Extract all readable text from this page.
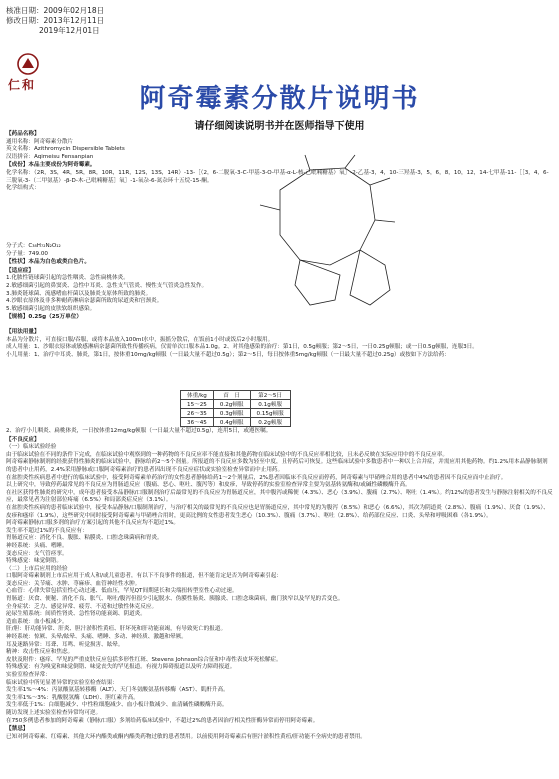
核准日期：2009年02月18日
修改日期：2013年12月11日
2019年12月01日
仁和	阿奇霉素分散片说明书
请仔细阅读说明书并在医师指导下使用
【药品名称】
通用名称：阿奇霉素分散片
英文名称：Azithromycin Dispersible Tablets
汉语拼音：Aqimeisu Fensanpian
【成份】本品主要成份为阿奇霉素。
化学名称：（2R，3S，4R，5R，8R，10R，11R，12S，13S，14R）-13-［（2，6-二脱氧-3-C-甲基-3-O-甲基-α-L-核-己吡喃糖基）氧］-2-乙基-3，4，10-三羟基-3，5，6，8，10，12，14-七甲基-11-［［3，4，6-三脱氧-3-（二甲氨基）-β-D-木-己吡喃糖基］氧］-1-氧杂-6-氮杂环十五烷-15-酮。
化学结构式：
分子式：C₃₈H₇₂N₂O₁₂
分子量：749.00
【性状】本品为白色或类白色片。
【适应症】
1.化脓性链球菌引起的急性咽炎、急性扁桃体炎。
2.敏感细菌引起的鼻窦炎、急性中耳炎、急性支气管炎、慢性支气管炎急性发作。
3.肺炎链球菌、流感嗜血杆菌以及肺炎支原体所致的肺炎。
4.沙眼衣原体及非多种耐药淋病奈瑟菌所致的尿道炎和宫颈炎。
5.敏感细菌引起的皮肤软组织感染。
【规格】0.25g（25万单位）
【用法用量】
本品为分散片，可直接口服/吞服，或将本品放入100ml水中，振摇分散后，在饭前1小时或饭后2小时服用。
成人用量：1、沙眼衣原体或敏感淋病奈瑟菌所致性传播疾病，仅需单次口服本品1.0g。2、对其他感染的治疗：第1日，0.5g顿服；第2～5日，一日0.25g顿服；或一日0.5g顿服，连服3日。
小儿用量：1、治疗中耳炎、肺炎，第1日，按体重10mg/kg顿服（一日最大量不超过0.5g）；第2～5日，每日按体重5mg/kg顿服（一日最大量不超过0.25g）或按如下方法给药：
体重/kg	首　日	第2～5日
15～25	0.2g顿服	0.1g顿服
26～35	0.3g顿服	0.15g顿服
36～45	0.4g顿服	0.2g顿服
2、治疗小儿咽炎、扁桃体炎，一日按体重12mg/kg顿服（一日最大量不超过0.5g），连用5日，或遵医嘱。
【不良反应】
（一）临床试验经验
由于临床试验在不同的条件下完成，在临床试验中观察到的一种药物的不良反应率不能直接和其他药物在临床试验中的不良反应率相比较，且未必反映在实际应用中的不良反应率。
阿奇霉素静脉制剂的经批获得性肺炎的临床试验中，静脉给药2～5个剂量。所报道的不良反应多数为轻至中度，且停药后可恢复。这些临床试验中多数患者中一种以上合并症，并需应用其他药物。约1.2%用本品静脉制剂的患者中止用药，2.4%采用静脉或口服阿奇霉素治疗的患者因出现不良反应症状或实验室检查异常而中止用药。
在盆腔炎性疾病患者中进行的临床试验中，接受阿奇霉素单药治疗的女性患者静脉给药1～2个剂量后，2%患者因临床不良反应而停药，阿奇霉素与甲硝唑合用的患者中4%的患者因不良反应而中止治疗。
以上研究中，导致停药最常见的不良反应为胃肠道反应（腹痛、恶心、呕吐、腹泻等）和皮疹，导致停药的实验室检查异常主要为氨基转氨酶和/或碱性磷酸酶升高。
在社区获得性肺炎的研究中，成年患者接受本品静脉/口服制剂治疗后最常见的不良反应为胃肠道反应，其中腹泻或稀便（4.3%）、恶心（3.9%）、腹痛（2.7%）、呕吐（1.4%）。约12%的患者发生与静脉注射相关的不良反应，最常见者为注射部位疼痛（6.5%）和局部炎症反应（3.1%）。
在盆腔炎性疾病的患者临床试验中，接受本品静脉/口服制剂治疗，与治疗相关的最常见的不良反应也是胃肠道反应，其中常见的为腹泻（8.5%）和恶心（6.6%），其次为阴道炎（2.8%）、腹痛（1.9%）、厌食（1.9%）、皮疹和瘙痒（1.9%），这些研究中同时接受阿奇霉素与甲硝唑合用时，更高比例的女性患者发生恶心（10.3%）、腹痛（3.7%）、呕吐（2.8%）、给药部位反应、口炎、头晕和呼吸困难（各1.9%）。
阿奇霉素静脉/口服多剂的治疗方案引起的其他不良反应均不超过1%。
发生率不超过1%的不良反应有：
胃肠道反应：消化不良、腹胀、粘膜炎、口腔念珠菌病和胃炎。
神经系统：头痛、嗜睡。
变态反应：支气管痉挛。
特殊感觉：味觉倒错。
（二）上市后应用的经验
口服阿奇霉素制剂上市后应用于成人和/或儿童患者，有以下不良事件的报道，但不能肯定是否为阿奇霉素引起：
变态反应：关节痛、水肿、荨麻疹、血管神经性水肿。
心血管：心律失常包括室性心动过速、低血压，罕见QT间期延长和尖端扭转型室性心动过速。
胃肠道：厌食、便秘、消化不良、胀气、呕吐/腹泻但很少引起脱水、伪膜性肠炎、胰腺炎、口腔念珠菌病，幽门狭窄以及罕见的舌变色。
全身症状：乏力、感觉异常、疲劳、不适和过敏性休克反应。
泌尿生殖系统：间质性肾炎、急性肾功能衰竭、阴道炎。
造血系统：血小板减少。
肝/胆：肝功能异常、肝炎、胆汁淤积性黄疸、肝坏死和肝功能衰竭，有导致死亡的报道。
神经系统：惊厥、头晕/眩晕、头痛、嗜睡、多动、神经质、激越和晕厥。
耳及迷路异常：耳聋、耳鸣、听觉损害、眩晕。
精神：攻击性反应和焦虑。
皮肤及附件：瘙痒、罕见的严重皮肤反应包括多形性红斑、Stevens Johnson综合征和中毒性表皮坏死松解症。
特殊感觉：有为嗅觉和味觉倒错、味觉丧失的罕见报道。有视力障碍报道以及听力障碍报道。
实验室检查异常：
临床试验中所见显著异常的实验室检查结果：
发生率1%～4%：丙氨酸氨基转移酶（ALT）、天门冬氨酸氨基转移酶（AST）、肌酐升高。
发生率1%～3%：乳酸脱氢酶（LDH）、胆红素升高。
发生率低于1%：白细胞减少、中性粒细胞减少、血小板计数减少、血清碱性磷酸酶升高。
随访发现上述实验室检查异常均可逆。
在750多例患者参加的阿奇霉素（静脉/口服）多剂给药临床试验中，不超过2%的患者因治疗相关性肝酶异常而停用阿奇霉素。
【禁忌】
已知对阿奇霉素、红霉素、其他大环内酯类或酮内酯类药物过敏的患者禁用。以前使用阿奇霉素后有胆汁淤积性黄疸/肝功能不全病史的患者禁用。
